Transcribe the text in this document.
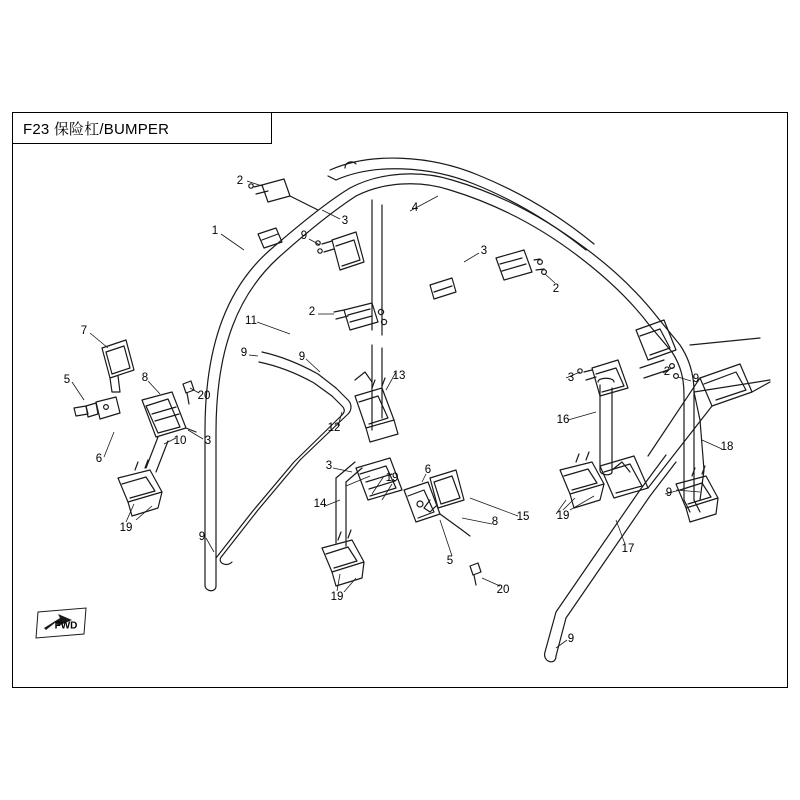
F23 保险杠/BUMPER
FWD
2
3
4
1	9
3
2
2
11
7
9	9
13	3	2
9
5	8
20
16
3
6
12
18
10
3	6
19
9
14
15 19
19
9
8
5
17
19
20
9
